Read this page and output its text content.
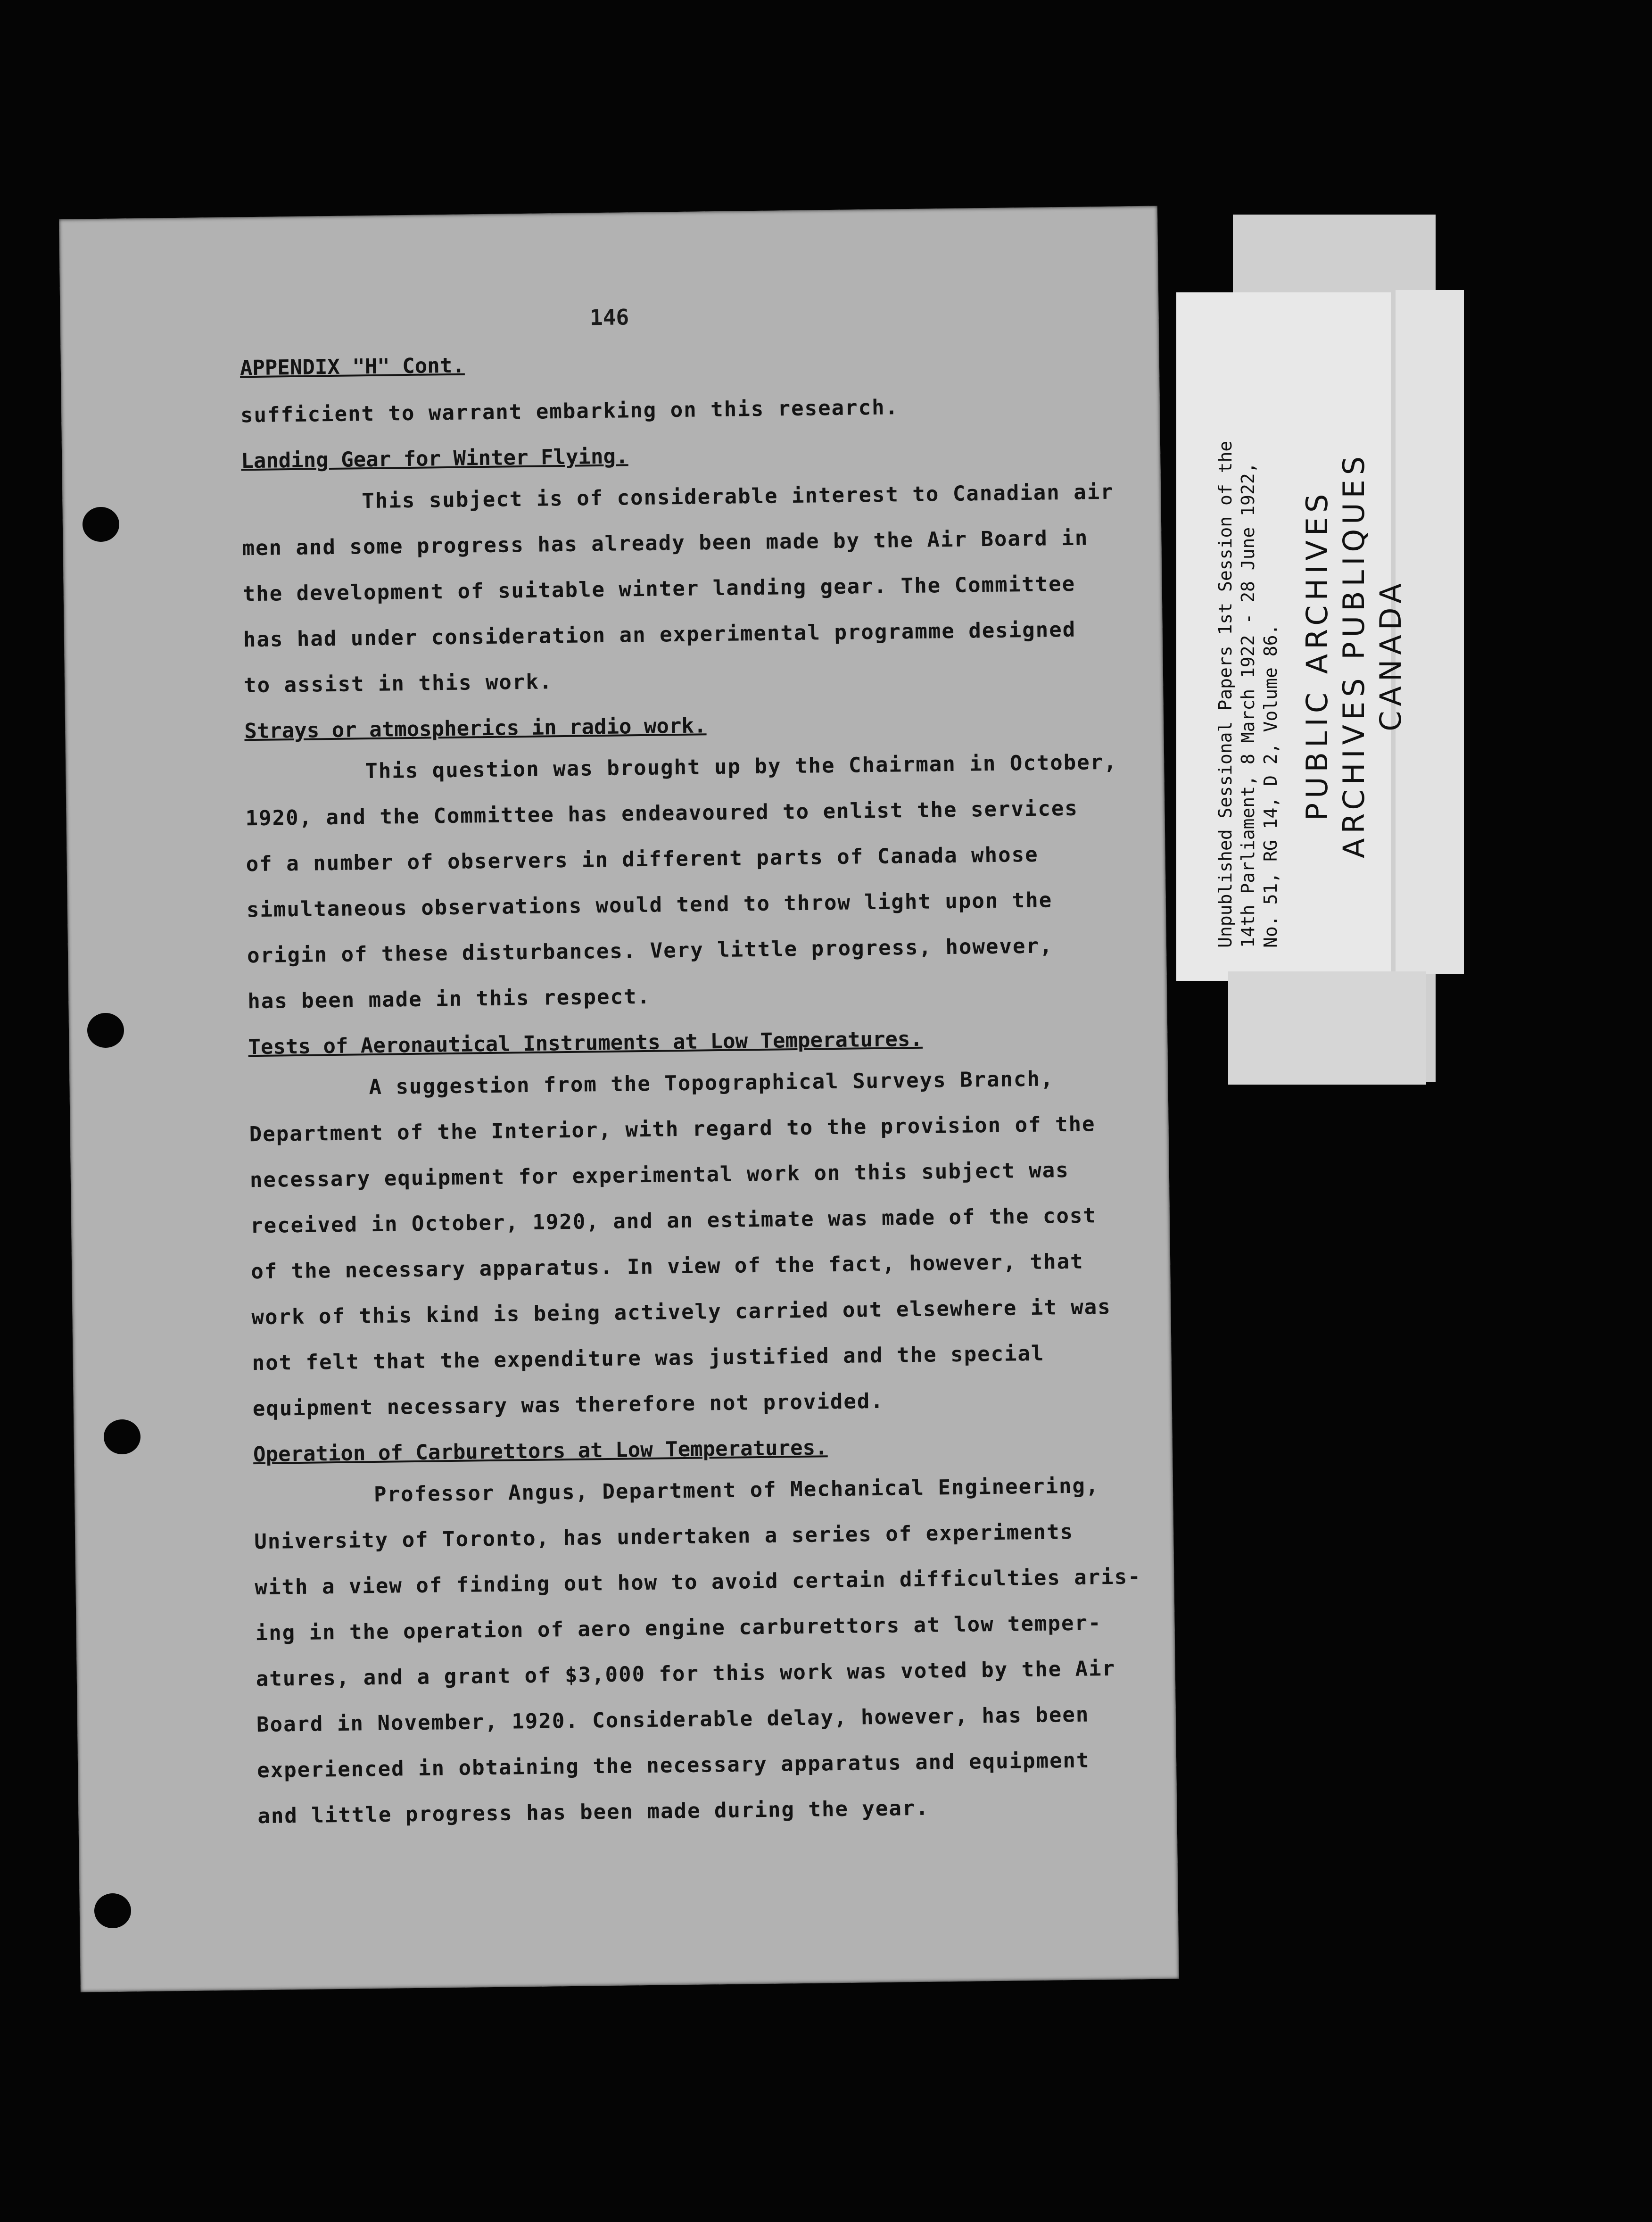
146
APPENDIX "H" Cont.
sufficient to warrant embarking on this research.
Landing Gear for Winter Flying.
This subject is of considerable interest to Canadian air
men and some progress has already been made by the Air Board in
the development of suitable winter landing gear. The Committee
has had under consideration an experimental programme designed
to assist in this work.
Strays or atmospherics in radio work.
This question was brought up by the Chairman in October,
1920, and the Committee has endeavoured to enlist the services
of a number of observers in different parts of Canada whose
simultaneous observations would tend to throw light upon the
origin of these disturbances. Very little progress, however,
has been made in this respect.
Tests of Aeronautical Instruments at Low Temperatures.
A suggestion from the Topographical Surveys Branch,
Department of the Interior, with regard to the provision of the
necessary equipment for experimental work on this subject was
received in October, 1920, and an estimate was made of the cost
of the necessary apparatus. In view of the fact, however, that
work of this kind is being actively carried out elsewhere it was
not felt that the expenditure was justified and the special
equipment necessary was therefore not provided.
Operation of Carburettors at Low Temperatures.
Professor Angus, Department of Mechanical Engineering,
University of Toronto, has undertaken a series of experiments
with a view of finding out how to avoid certain difficulties aris-
ing in the operation of aero engine carburettors at low temper-
atures, and a grant of $3,000 for this work was voted by the Air
Board in November, 1920. Considerable delay, however, has been
experienced in obtaining the necessary apparatus and equipment
and little progress has been made during the year.
Unpublished Sessional Papers 1st Session of the 14th Parliament, 8 March 1922 - 28 June 1922, No. 51, RG 14, D 2, Volume 86. PUBLIC ARCHIVES ARCHIVES PUBLIQUES CANADA
